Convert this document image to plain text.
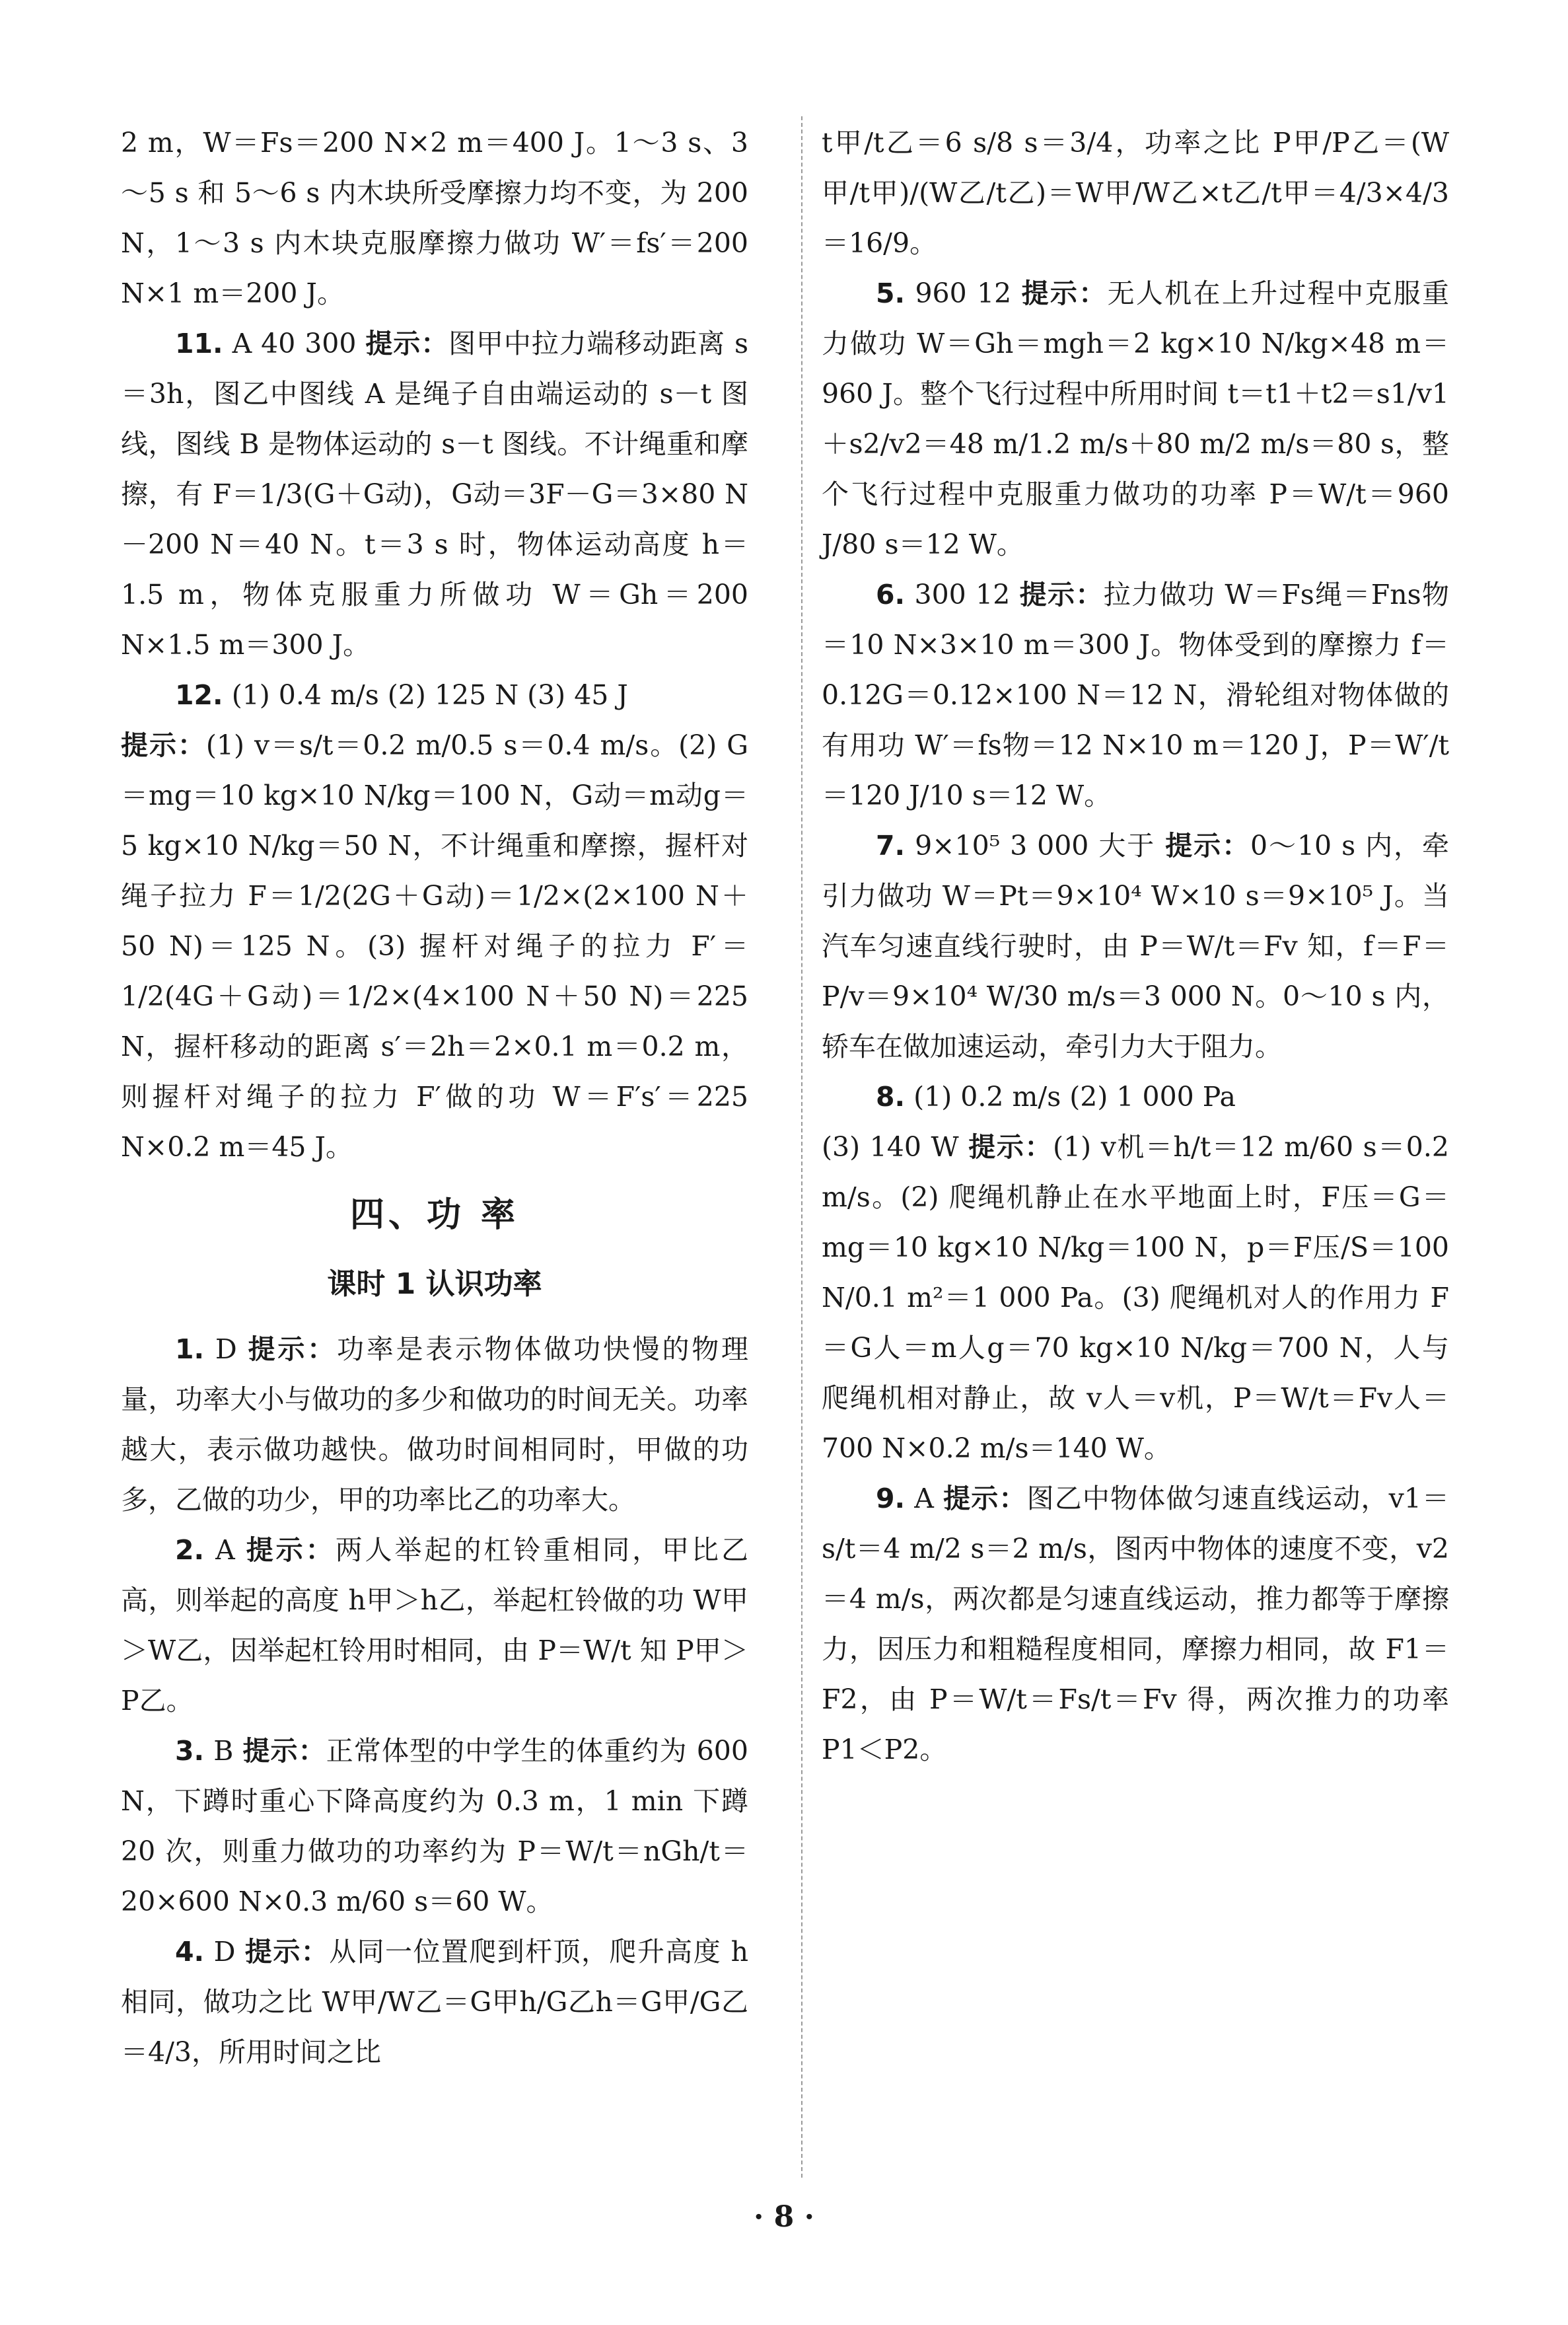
2 m，W＝Fs＝200 N×2 m＝400 J。1～3 s、3～5 s 和 5～6 s 内木块所受摩擦力均不变，为 200 N，1～3 s 内木块克服摩擦力做功 W′＝fs′＝200 N×1 m＝200 J。

11. A 40 300 提示：图甲中拉力端移动距离 s＝3h，图乙中图线 A 是绳子自由端运动的 s－t 图线，图线 B 是物体运动的 s－t 图线。不计绳重和摩擦，有 F＝1/3(G＋G动)，G动＝3F－G＝3×80 N－200 N＝40 N。t＝3 s 时，物体运动高度 h＝1.5 m，物体克服重力所做功 W＝Gh＝200 N×1.5 m＝300 J。

12. (1) 0.4 m/s (2) 125 N (3) 45 J

提示：(1) v＝s/t＝0.2 m/0.5 s＝0.4 m/s。(2) G＝mg＝10 kg×10 N/kg＝100 N，G动＝m动g＝5 kg×10 N/kg＝50 N，不计绳重和摩擦，握杆对绳子拉力 F＝1/2(2G＋G动)＝1/2×(2×100 N＋50 N)＝125 N。(3) 握杆对绳子的拉力 F′＝1/2(4G＋G动)＝1/2×(4×100 N＋50 N)＝225 N，握杆移动的距离 s′＝2h＝2×0.1 m＝0.2 m，则握杆对绳子的拉力 F′做的功 W＝F′s′＝225 N×0.2 m＝45 J。

四、功 率
课时 1 认识功率

1. D 提示：功率是表示物体做功快慢的物理量，功率大小与做功的多少和做功的时间无关。功率越大，表示做功越快。做功时间相同时，甲做的功多，乙做的功少，甲的功率比乙的功率大。

2. A 提示：两人举起的杠铃重相同，甲比乙高，则举起的高度 h甲＞h乙，举起杠铃做的功 W甲＞W乙，因举起杠铃用时相同，由 P＝W/t 知 P甲＞P乙。

3. B 提示：正常体型的中学生的体重约为 600 N，下蹲时重心下降高度约为 0.3 m，1 min 下蹲 20 次，则重力做功的功率约为 P＝W/t＝nGh/t＝20×600 N×0.3 m/60 s＝60 W。

4. D 提示：从同一位置爬到杆顶，爬升高度 h 相同，做功之比 W甲/W乙＝G甲h/G乙h＝G甲/G乙＝4/3，所用时间之比

t甲/t乙＝6 s/8 s＝3/4，功率之比 P甲/P乙＝(W甲/t甲)/(W乙/t乙)＝W甲/W乙×t乙/t甲＝4/3×4/3＝16/9。

5. 960 12 提示：无人机在上升过程中克服重力做功 W＝Gh＝mgh＝2 kg×10 N/kg×48 m＝960 J。整个飞行过程中所用时间 t＝t1＋t2＝s1/v1＋s2/v2＝48 m/1.2 m/s＋80 m/2 m/s＝80 s，整个飞行过程中克服重力做功的功率 P＝W/t＝960 J/80 s＝12 W。

6. 300 12 提示：拉力做功 W＝Fs绳＝Fns物＝10 N×3×10 m＝300 J。物体受到的摩擦力 f＝0.12G＝0.12×100 N＝12 N，滑轮组对物体做的有用功 W′＝fs物＝12 N×10 m＝120 J，P＝W′/t＝120 J/10 s＝12 W。

7. 9×10⁵ 3 000 大于 提示：0～10 s 内，牵引力做功 W＝Pt＝9×10⁴ W×10 s＝9×10⁵ J。当汽车匀速直线行驶时，由 P＝W/t＝Fv 知，f＝F＝P/v＝9×10⁴ W/30 m/s＝3 000 N。0～10 s 内，轿车在做加速运动，牵引力大于阻力。

8. (1) 0.2 m/s (2) 1 000 Pa

(3) 140 W 提示：(1) v机＝h/t＝12 m/60 s＝0.2 m/s。(2) 爬绳机静止在水平地面上时，F压＝G＝mg＝10 kg×10 N/kg＝100 N，p＝F压/S＝100 N/0.1 m²＝1 000 Pa。(3) 爬绳机对人的作用力 F＝G人＝m人g＝70 kg×10 N/kg＝700 N，人与爬绳机相对静止，故 v人＝v机，P＝W/t＝Fv人＝700 N×0.2 m/s＝140 W。

9. A 提示：图乙中物体做匀速直线运动，v1＝s/t＝4 m/2 s＝2 m/s，图丙中物体的速度不变，v2＝4 m/s，两次都是匀速直线运动，推力都等于摩擦力，因压力和粗糙程度相同，摩擦力相同，故 F1＝F2，由 P＝W/t＝Fs/t＝Fv 得，两次推力的功率 P1＜P2。

· 8 ·
